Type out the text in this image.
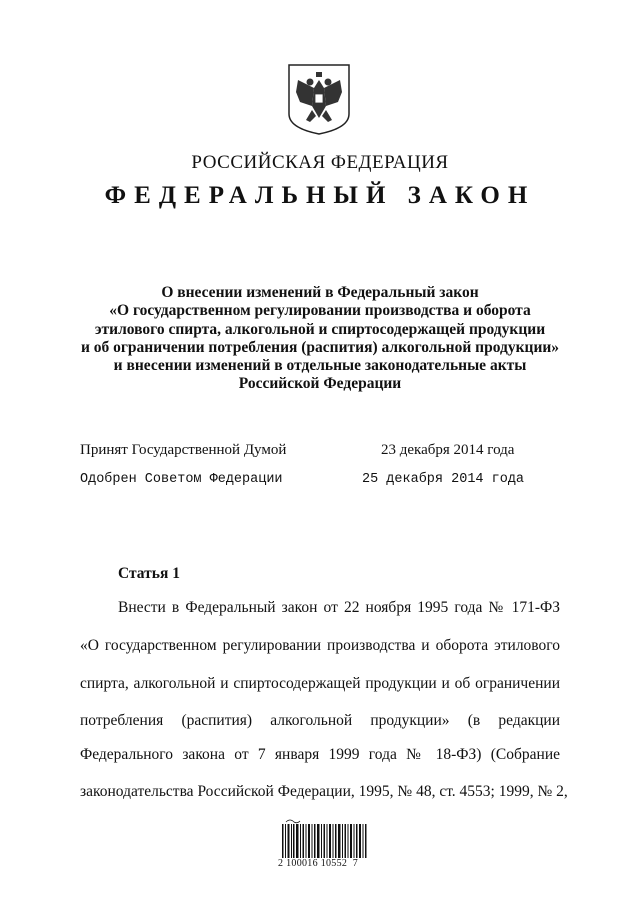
РОССИЙСКАЯ ФЕДЕРАЦИЯ
ФЕДЕРАЛЬНЫЙ ЗАКОН
О внесении изменений в Федеральный закон
«О государственном регулировании производства и оборота
этилового спирта, алкогольной и спиртосодержащей продукции
и об ограничении потребления (распития) алкогольной продукции»
и внесении изменений в отдельные законодательные акты
Российской Федерации
Принят Государственной Думой	23 декабря 2014 года
Одобрен Советом Федерации	25 декабря 2014 года
Статья 1
Внести в Федеральный закон от 22 ноября 1995 года № 171-ФЗ
«О государственном регулировании производства и оборота этилового
спирта, алкогольной и спиртосодержащей продукции и об ограничении
потребления (распития) алкогольной продукции» (в редакции
Федерального закона от 7 января 1999 года № 18-ФЗ) (Собрание
законодательства Российской Федерации, 1995, № 48, ст. 4553; 1999, № 2,
2 100016 10552  7
